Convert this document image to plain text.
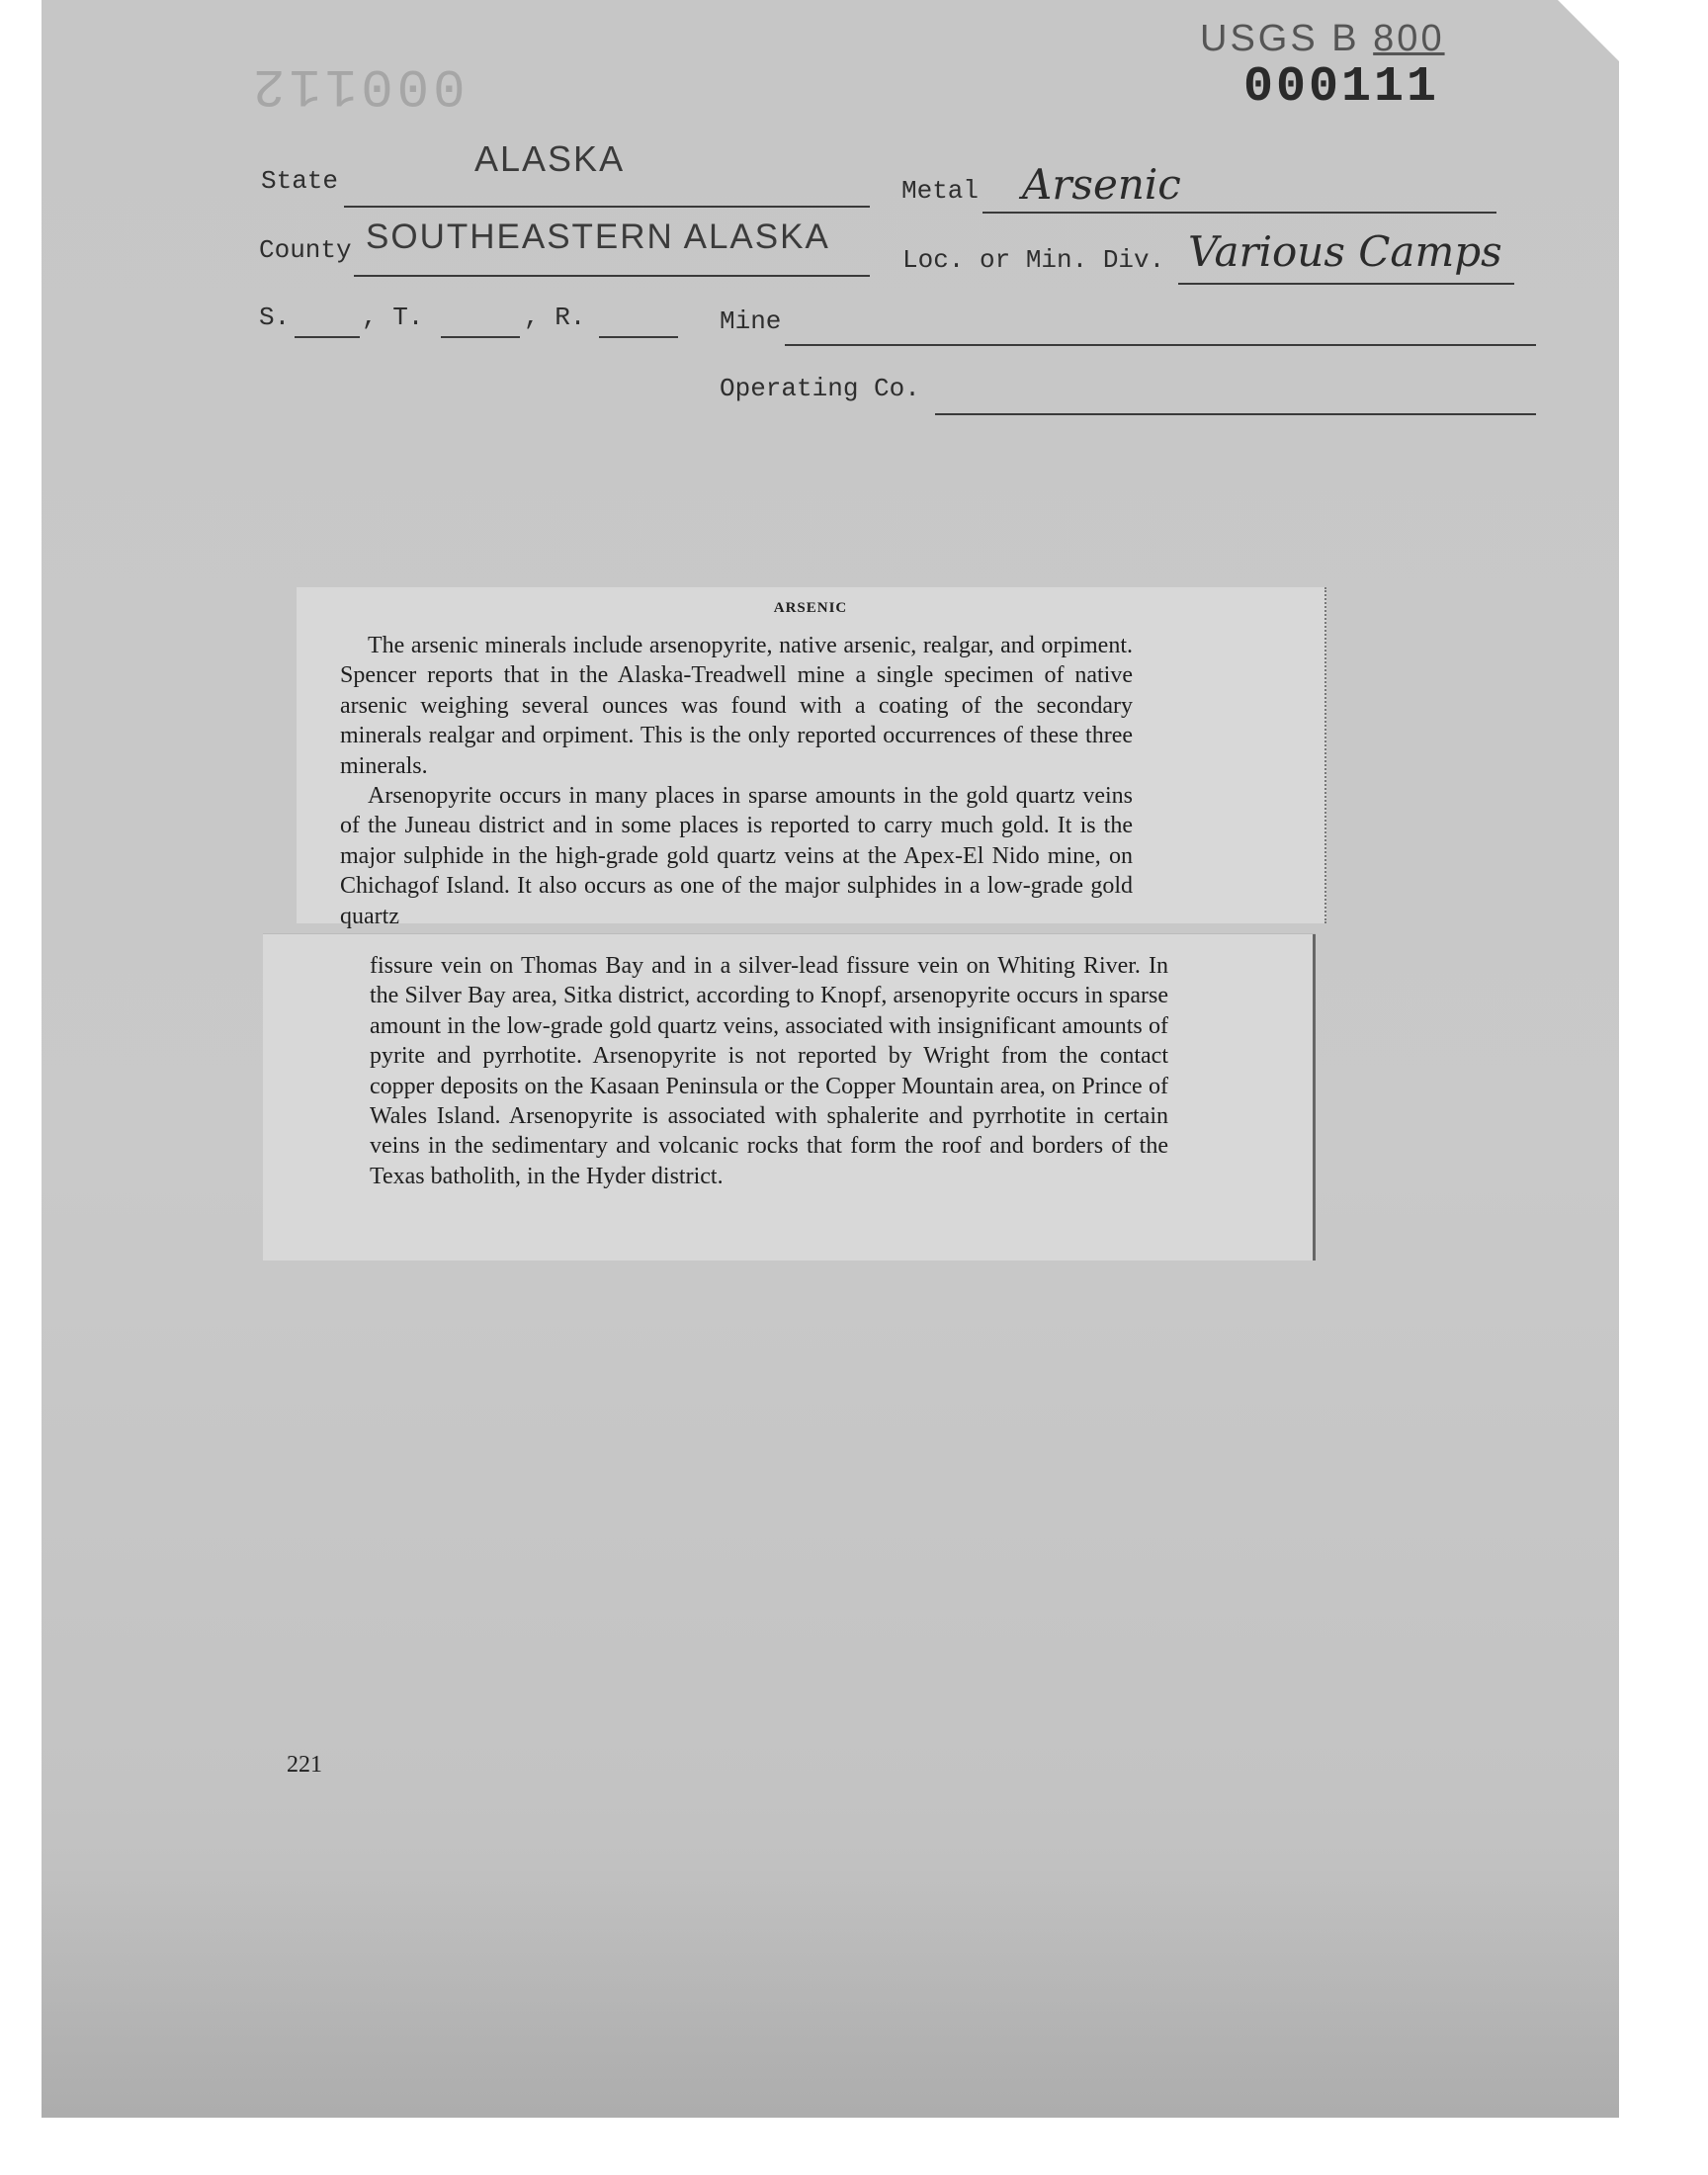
000112
USGS B 800
000111
State
ALASKA
Metal Arsenic
County SOUTHEASTERN ALASKA
Loc. or Min. Div. Various Camps
S.	, T.	, R.	Mine
Operating Co.
ARSENIC

The arsenic minerals include arsenopyrite, native arsenic, realgar, and orpiment. Spencer reports that in the Alaska-Treadwell mine a single specimen of native arsenic weighing several ounces was found with a coating of the secondary minerals realgar and orpiment. This is the only reported occurrences of these three minerals.

Arsenopyrite occurs in many places in sparse amounts in the gold quartz veins of the Juneau district and in some places is reported to carry much gold. It is the major sulphide in the high-grade gold quartz veins at the Apex-El Nido mine, on Chichagof Island. It also occurs as one of the major sulphides in a low-grade gold quartz

fissure vein on Thomas Bay and in a silver-lead fissure vein on Whiting River. In the Silver Bay area, Sitka district, according to Knopf, arsenopyrite occurs in sparse amount in the low-grade gold quartz veins, associated with insignificant amounts of pyrite and pyrrhotite. Arsenopyrite is not reported by Wright from the contact copper deposits on the Kasaan Peninsula or the Copper Mountain area, on Prince of Wales Island. Arsenopyrite is associated with sphalerite and pyrrhotite in certain veins in the sedimentary and volcanic rocks that form the roof and borders of the Texas batholith, in the Hyder district.

221
